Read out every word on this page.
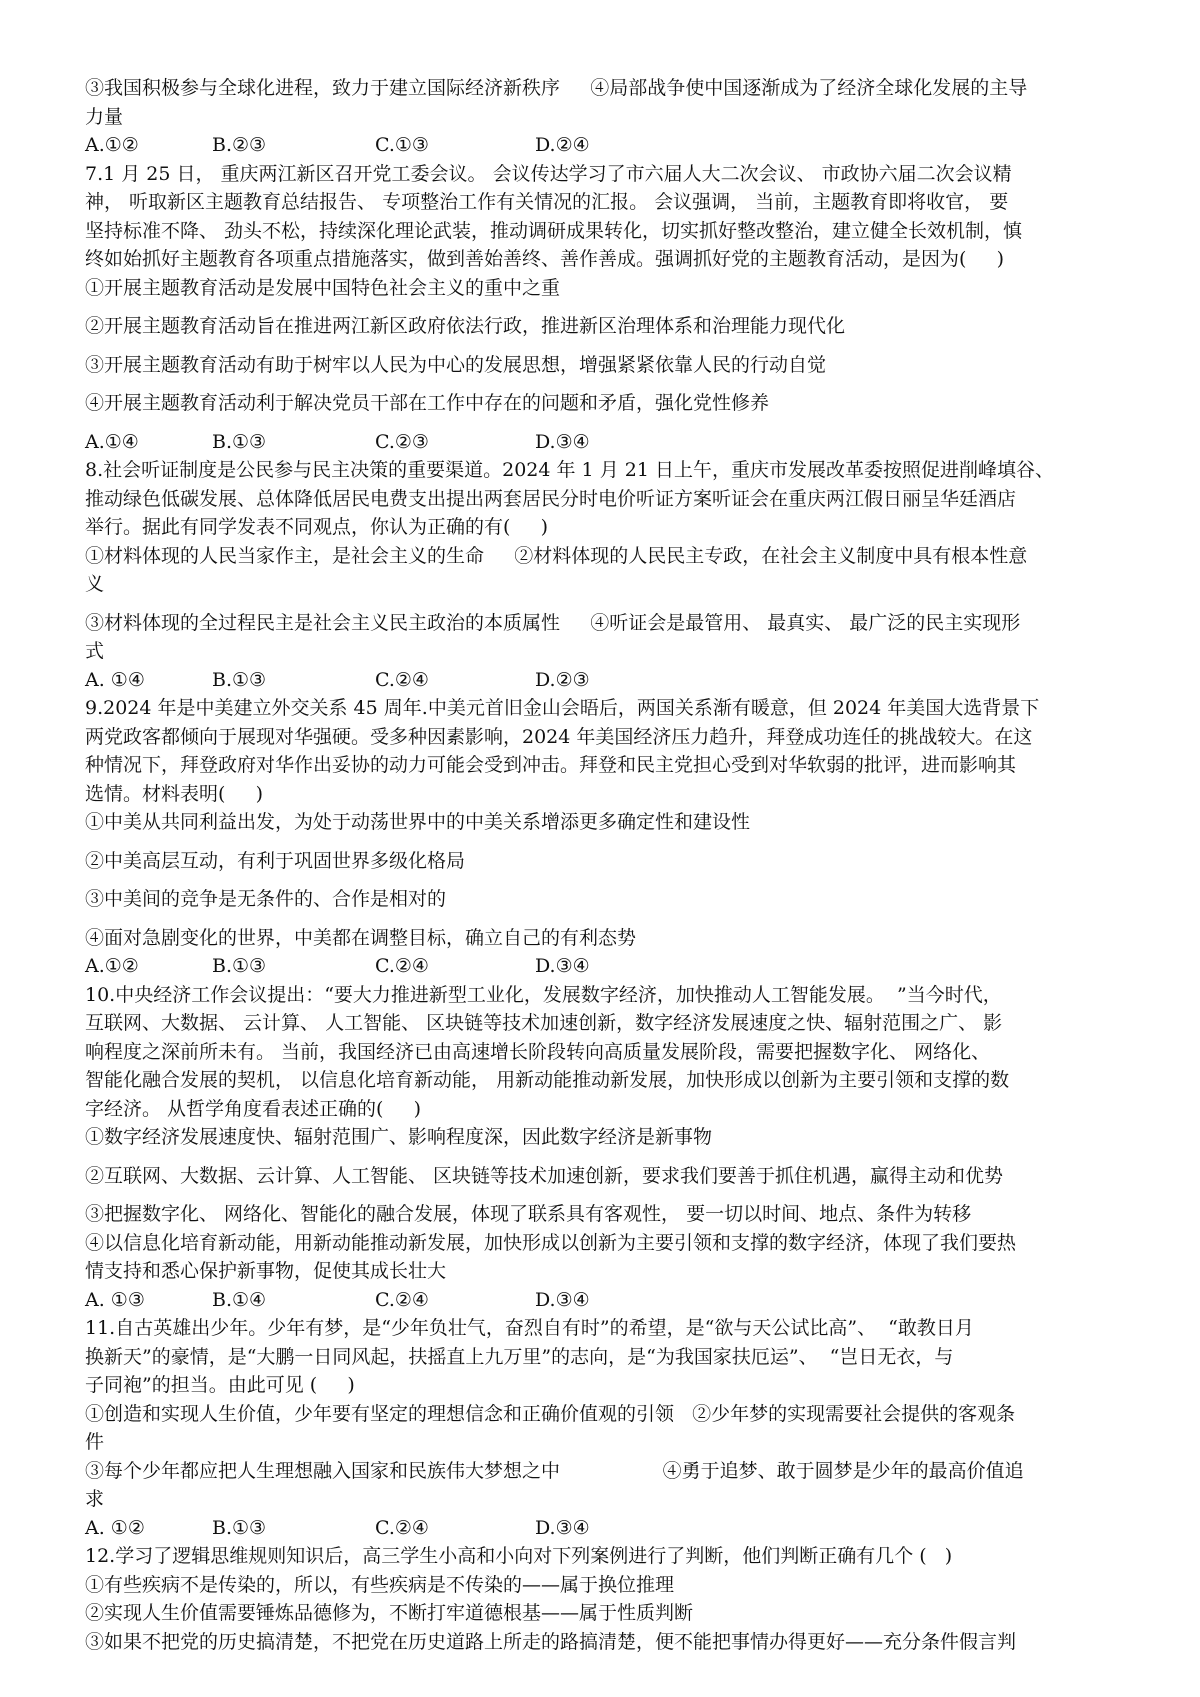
③我国积极参与全球化进程，致力于建立国际经济新秩序     ④局部战争使中国逐渐成为了经济全球化发展的主导

力量

A.①②	B.②③	C.①③	D.②④

7.1 月 25 日， 重庆两江新区召开党工委会议。 会议传达学习了市六届人大二次会议、 市政协六届二次会议精

神， 听取新区主题教育总结报告、 专项整治工作有关情况的汇报。 会议强调， 当前，主题教育即将收官， 要

坚持标准不降、 劲头不松，持续深化理论武装，推动调研成果转化，切实抓好整改整治，建立健全长效机制，慎

终如始抓好主题教育各项重点措施落实，做到善始善终、善作善成。强调抓好党的主题教育活动，是因为(     )

①开展主题教育活动是发展中国特色社会主义的重中之重

②开展主题教育活动旨在推进两江新区政府依法行政，推进新区治理体系和治理能力现代化

③开展主题教育活动有助于树牢以人民为中心的发展思想，增强紧紧依靠人民的行动自觉

④开展主题教育活动利于解决党员干部在工作中存在的问题和矛盾，强化党性修养

A.①④	B.①③	C.②③	D.③④

8.社会听证制度是公民参与民主决策的重要渠道。2024 年 1 月 21 日上午，重庆市发展改革委按照促进削峰填谷、

推动绿色低碳发展、总体降低居民电费支出提出两套居民分时电价听证方案听证会在重庆两江假日丽呈华廷酒店

举行。据此有同学发表不同观点，你认为正确的有(     )

①材料体现的人民当家作主，是社会主义的生命     ②材料体现的人民民主专政，在社会主义制度中具有根本性意

义

③材料体现的全过程民主是社会主义民主政治的本质属性     ④听证会是最管用、 最真实、 最广泛的民主实现形

式

A. ①④	B.①③	C.②④	D.②③

9.2024 年是中美建立外交关系 45 周年.中美元首旧金山会晤后，两国关系渐有暖意，但 2024 年美国大选背景下

两党政客都倾向于展现对华强硬。受多种因素影响，2024 年美国经济压力趋升，拜登成功连任的挑战较大。在这

种情况下，拜登政府对华作出妥协的动力可能会受到冲击。拜登和民主党担心受到对华软弱的批评，进而影响其

选情。材料表明(     )

①中美从共同利益出发，为处于动荡世界中的中美关系增添更多确定性和建设性

②中美高层互动，有利于巩固世界多级化格局

③中美间的竞争是无条件的、合作是相对的

④面对急剧变化的世界，中美都在调整目标，确立自己的有利态势

A.①②	B.①③	C.②④	D.③④

10.中央经济工作会议提出：“要大力推进新型工业化，发展数字经济，加快推动人工智能发展。  ”当今时代，

互联网、大数据、 云计算、 人工智能、 区块链等技术加速创新，数字经济发展速度之快、辐射范围之广、 影

响程度之深前所未有。 当前，我国经济已由高速增长阶段转向高质量发展阶段，需要把握数字化、 网络化、

智能化融合发展的契机， 以信息化培育新动能， 用新动能推动新发展，加快形成以创新为主要引领和支撑的数

字经济。 从哲学角度看表述正确的(     )

①数字经济发展速度快、辐射范围广、影响程度深，因此数字经济是新事物

②互联网、大数据、云计算、人工智能、 区块链等技术加速创新，要求我们要善于抓住机遇，赢得主动和优势

③把握数字化、 网络化、智能化的融合发展，体现了联系具有客观性， 要一切以时间、地点、条件为转移

④以信息化培育新动能，用新动能推动新发展，加快形成以创新为主要引领和支撑的数字经济，体现了我们要热

情支持和悉心保护新事物，促使其成长壮大

A. ①③	B.①④	C.②④	D.③④

11.自古英雄出少年。少年有梦，是“少年负壮气，奋烈自有时”的希望，是“欲与天公试比高”、  “敢教日月

换新天”的豪情，是“大鹏一日同风起，扶摇直上九万里”的志向，是“为我国家扶厄运”、  “岂日无衣，与

子同袍”的担当。由此可见 (     )

①创造和实现人生价值，少年要有坚定的理想信念和正确价值观的引领   ②少年梦的实现需要社会提供的客观条

件

③每个少年都应把人生理想融入国家和民族伟大梦想之中                 ④勇于追梦、敢于圆梦是少年的最高价值追

求

A. ①②	B.①③	C.②④	D.③④

12.学习了逻辑思维规则知识后，高三学生小高和小向对下列案例进行了判断，他们判断正确有几个 (   )

①有些疾病不是传染的，所以，有些疾病是不传染的——属于换位推理

②实现人生价值需要锤炼品德修为，不断打牢道德根基——属于性质判断

③如果不把党的历史搞清楚，不把党在历史道路上所走的路搞清楚，便不能把事情办得更好——充分条件假言判
